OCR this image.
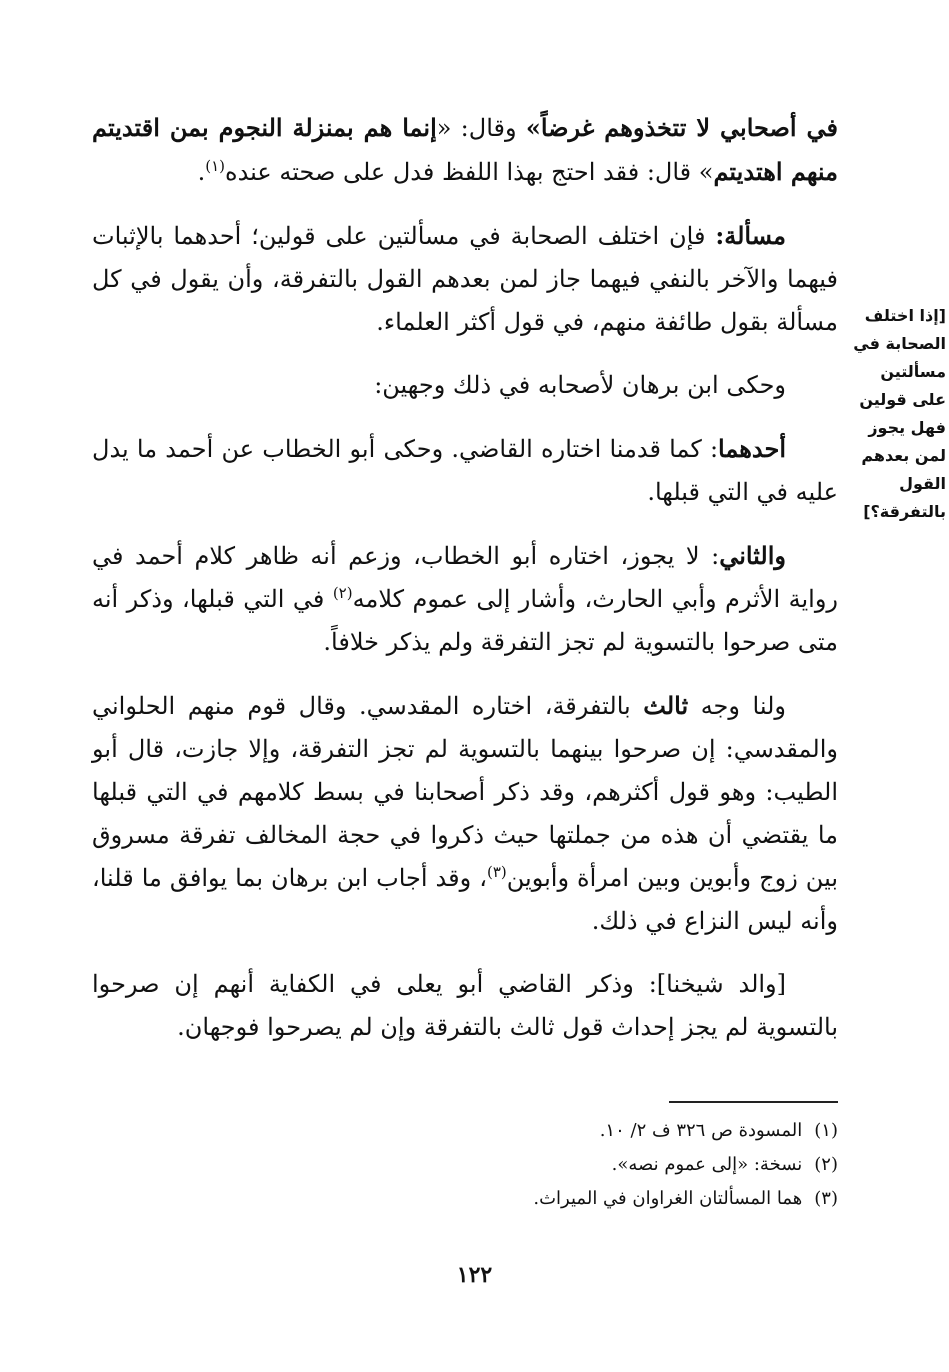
في أصحابي لا تتخذوهم غرضاً» وقال: «إنما هم بمنزلة النجوم بمن اقتديتم منهم اهتديتم» قال: فقد احتج بهذا اللفظ فدل على صحته عنده$^{(١)}$.

مسألة: فإن اختلف الصحابة في مسألتين على قولين؛ أحدهما بالإثبات فيهما والآخر بالنفي فيهما جاز لمن بعدهم القول بالتفرقة، وأن يقول في كل مسألة بقول طائفة منهم، في قول أكثر العلماء.

وحكى ابن برهان لأصحابه في ذلك وجهين:

أحدهما: كما قدمنا اختاره القاضي. وحكى أبو الخطاب عن أحمد ما يدل عليه في التي قبلها.

والثاني: لا يجوز، اختاره أبو الخطاب، وزعم أنه ظاهر كلام أحمد في رواية الأثرم وأبي الحارث، وأشار إلى عموم كلامه$^{(٢)}$ في التي قبلها، وذكر أنه متى صرحوا بالتسوية لم تجز التفرقة ولم يذكر خلافاً.

ولنا وجه ثالث بالتفرقة، اختاره المقدسي. وقال قوم منهم الحلواني والمقدسي: إن صرحوا بينهما بالتسوية لم تجز التفرقة، وإلا جازت، قال أبو الطيب: وهو قول أكثرهم، وقد ذكر أصحابنا في بسط كلامهم في التي قبلها ما يقتضي أن هذه من جملتها حيث ذكروا في حجة المخالف تفرقة مسروق بين زوج وأبوين وبين امرأة وأبوين$^{(٣)}$، وقد أجاب ابن برهان بما يوافق ما قلنا، وأنه ليس النزاع في ذلك.

[والد شيخنا]: وذكر القاضي أبو يعلى في الكفاية أنهم إن صرحوا بالتسوية لم يجز إحداث قول ثالث بالتفرقة وإن لم يصرحوا فوجهان.

[إذا اختلف
الصحابة في
مسألتين
على قولين
فهل يجوز
لمن بعدهم
القول
بالتفرقة؟]
(١)المسودة ص ٣٢٦ ف ٢/ ١٠.
(٢)نسخة: «إلى عموم نصه».
(٣)هما المسألتان الغراوان في الميراث.
١٢٢
